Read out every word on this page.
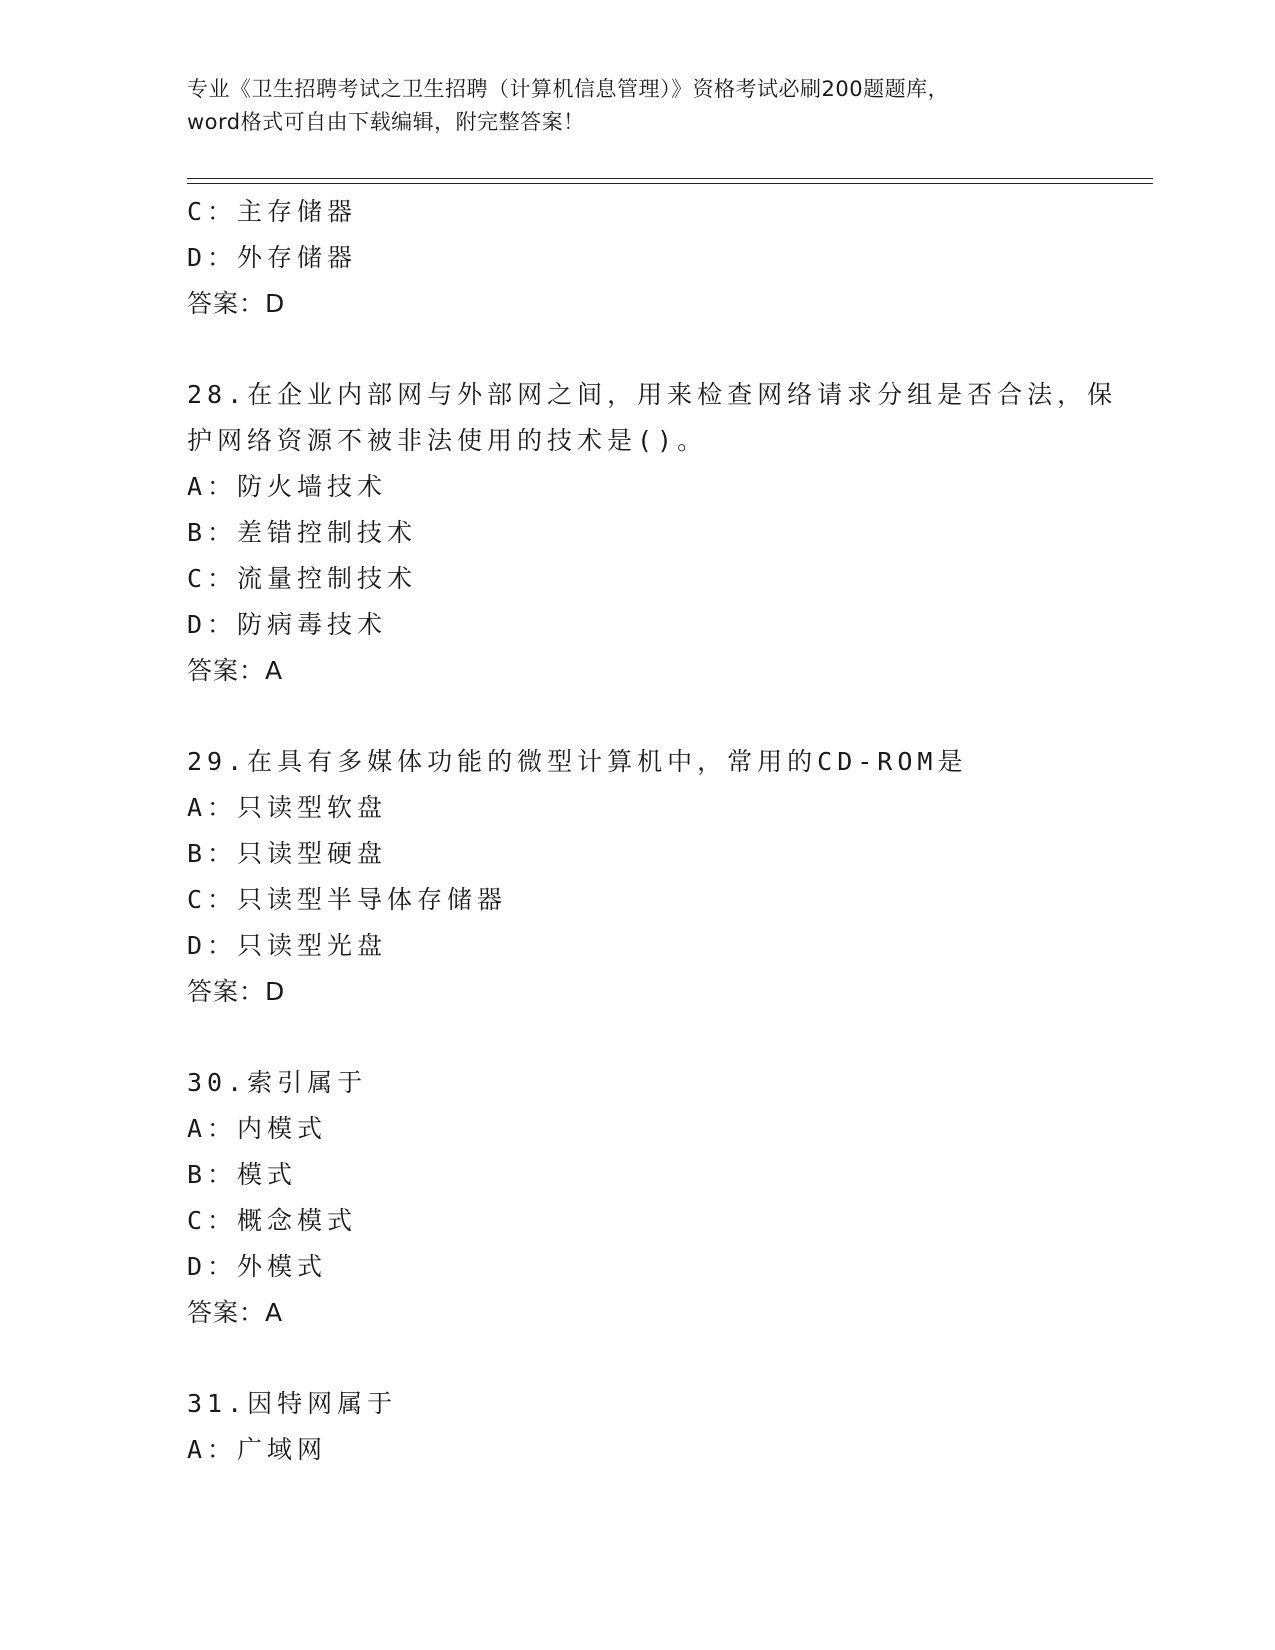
专业《卫生招聘考试之卫生招聘（计算机信息管理）》资格考试必刷200题题库，
word格式可自由下载编辑，附完整答案！
C：主存储器
D：外存储器
答案：D
28.在企业内部网与外部网之间，用来检查网络请求分组是否合法，保
护网络资源不被非法使用的技术是()。
A：防火墙技术
B：差错控制技术
C：流量控制技术
D：防病毒技术
答案：A
29.在具有多媒体功能的微型计算机中，常用的CD-ROM是
A：只读型软盘
B：只读型硬盘
C：只读型半导体存储器
D：只读型光盘
答案：D
30.索引属于
A：内模式
B：模式
C：概念模式
D：外模式
答案：A
31.因特网属于
A：广域网
